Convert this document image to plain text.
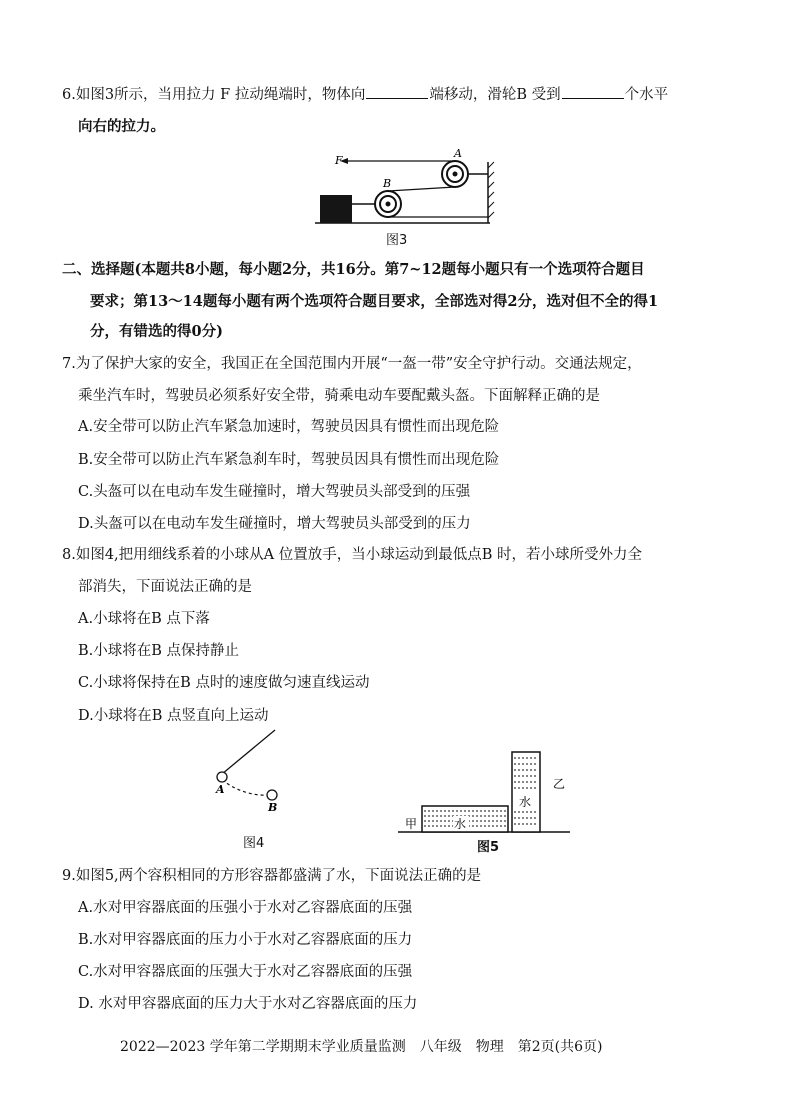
6.如图3所示，当用拉力 F 拉动绳端时，物体向	端移动，滑轮B 受到	个水平
向右的拉力。
F
A
B
图3
二、选择题(本题共8小题，每小题2分，共16分。第7~12题每小题只有一个选项符合题目
要求；第13～14题每小题有两个选项符合题目要求，全部选对得2分，选对但不全的得1
分，有错选的得0分)
7.为了保护大家的安全，我国正在全国范围内开展“一盔一带”安全守护行动。交通法规定，
乘坐汽车时，驾驶员必须系好安全带，骑乘电动车要配戴头盔。下面解释正确的是
A.安全带可以防止汽车紧急加速时，驾驶员因具有惯性而出现危险
B.安全带可以防止汽车紧急刹车时，驾驶员因具有惯性而出现危险
C.头盔可以在电动车发生碰撞时，增大驾驶员头部受到的压强
D.头盔可以在电动车发生碰撞时，增大驾驶员头部受到的压力
8.如图4,把用细线系着的小球从A 位置放手，当小球运动到最低点B 时，若小球所受外力全
部消失，下面说法正确的是
A.小球将在B 点下落
B.小球将在B 点保持静止
C.小球将保持在B 点时的速度做匀速直线运动
D.小球将在B 点竖直向上运动
A
B
图4
甲
乙
水
水
图5
9.如图5,两个容积相同的方形容器都盛满了水，下面说法正确的是
A.水对甲容器底面的压强小于水对乙容器底面的压强
B.水对甲容器底面的压力小于水对乙容器底面的压力
C.水对甲容器底面的压强大于水对乙容器底面的压强
D. 水对甲容器底面的压力大于水对乙容器底面的压力
2022—2023 学年第二学期期末学业质量监测　八年级　物理　第2页(共6页)
